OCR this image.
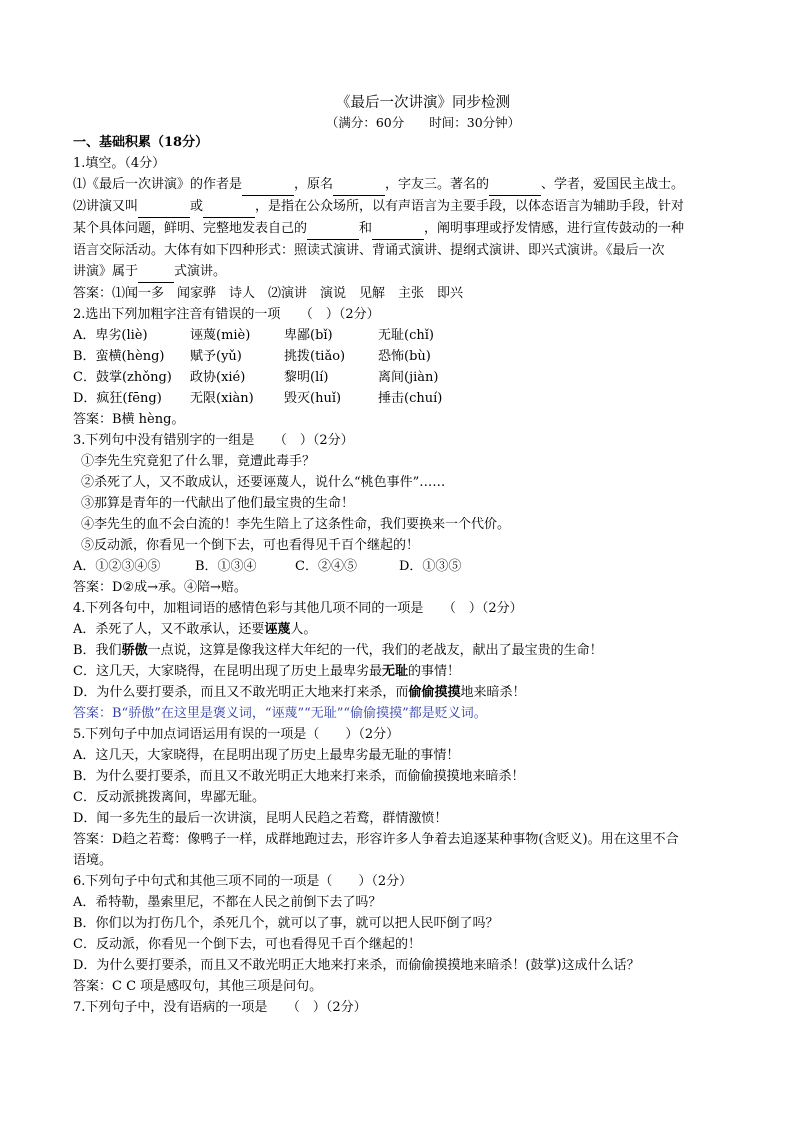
《最后一次讲演》同步检测
（满分：60分　　时间：30分钟）
一、基础积累（18分）
1.填空。（4分）
⑴《最后一次讲演》的作者是	，原名	，字友三。著名的	、学者，爱国民主战士。
⑵讲演又叫	或	，是指在公众场所，以有声语言为主要手段，以体态语言为辅助手段，针对
某个具体问题，鲜明、完整地发表自己的	和	，阐明事理或抒发情感，进行宣传鼓动的一种
语言交际活动。大体有如下四种形式：照读式演讲、背诵式演讲、提纲式演讲、即兴式演讲。《最后一次
讲演》属于	式演讲。
答案：⑴闻一多　闻家骅　诗人　⑵演讲　演说　见解　主张　即兴
2.选出下列加粗字注音有错误的一项　　（　）（2分）
A．卑劣(liè)	诬蔑(miè)	卑鄙(bǐ)	无耻(chǐ)
B．蛮横(hèng)	赋予(yǔ)	挑拨(tiǎo)	恐怖(bù)
C．鼓掌(zhǒng)	政协(xié)	黎明(lí)	离间(jiàn)
D．疯狂(fēng)	无限(xiàn)	毁灭(huǐ)	捶击(chuí)
答案：B横 hèng。
3.下列句中没有错别字的一组是　　（　）（2分）
①李先生究竟犯了什么罪，竟遭此毒手？
②杀死了人，又不敢成认，还要诬蔑人，说什么“桃色事件”……
③那算是青年的一代献出了他们最宝贵的生命！
④李先生的血不会白流的！李先生陪上了这条性命，我们要换来一个代价。
⑤反动派，你看见一个倒下去，可也看得见千百个继起的！
A．①②③④⑤	B．①③④	C．②④⑤	D．①③⑤
答案：D②成→承。④陪→赔。
4.下列各句中，加粗词语的感情色彩与其他几项不同的一项是　　（　）（2分）
A．杀死了人，又不敢承认，还要诬蔑人。
B．我们骄傲一点说，这算是像我这样大年纪的一代，我们的老战友，献出了最宝贵的生命！
C．这几天，大家晓得，在昆明出现了历史上最卑劣最无耻的事情！
D．为什么要打要杀，而且又不敢光明正大地来打来杀，而偷偷摸摸地来暗杀！
答案：B“骄傲”在这里是褒义词，“诬蔑”“无耻”“偷偷摸摸”都是贬义词。
5.下列句子中加点词语运用有误的一项是（　　）（2分）
A．这几天，大家晓得，在昆明出现了历史上最卑劣最无耻的事情！
B．为什么要打要杀，而且又不敢光明正大地来打来杀，而偷偷摸摸地来暗杀！
C．反动派挑拨离间，卑鄙无耻。
D．闻一多先生的最后一次讲演，昆明人民趋之若鹜，群情激愤！
答案：D趋之若鹜：像鸭子一样，成群地跑过去，形容许多人争着去追逐某种事物(含贬义)。用在这里不合
语境。
6.下列句子中句式和其他三项不同的一项是（　　）（2分）
A．希特勒，墨索里尼，不都在人民之前倒下去了吗？
B．你们以为打伤几个，杀死几个，就可以了事，就可以把人民吓倒了吗？
C．反动派，你看见一个倒下去，可也看得见千百个继起的！
D．为什么要打要杀，而且又不敢光明正大地来打来杀，而偷偷摸摸地来暗杀！(鼓掌)这成什么话？
答案：C C 项是感叹句，其他三项是问句。
7.下列句子中，没有语病的一项是　　（　）（2分）
